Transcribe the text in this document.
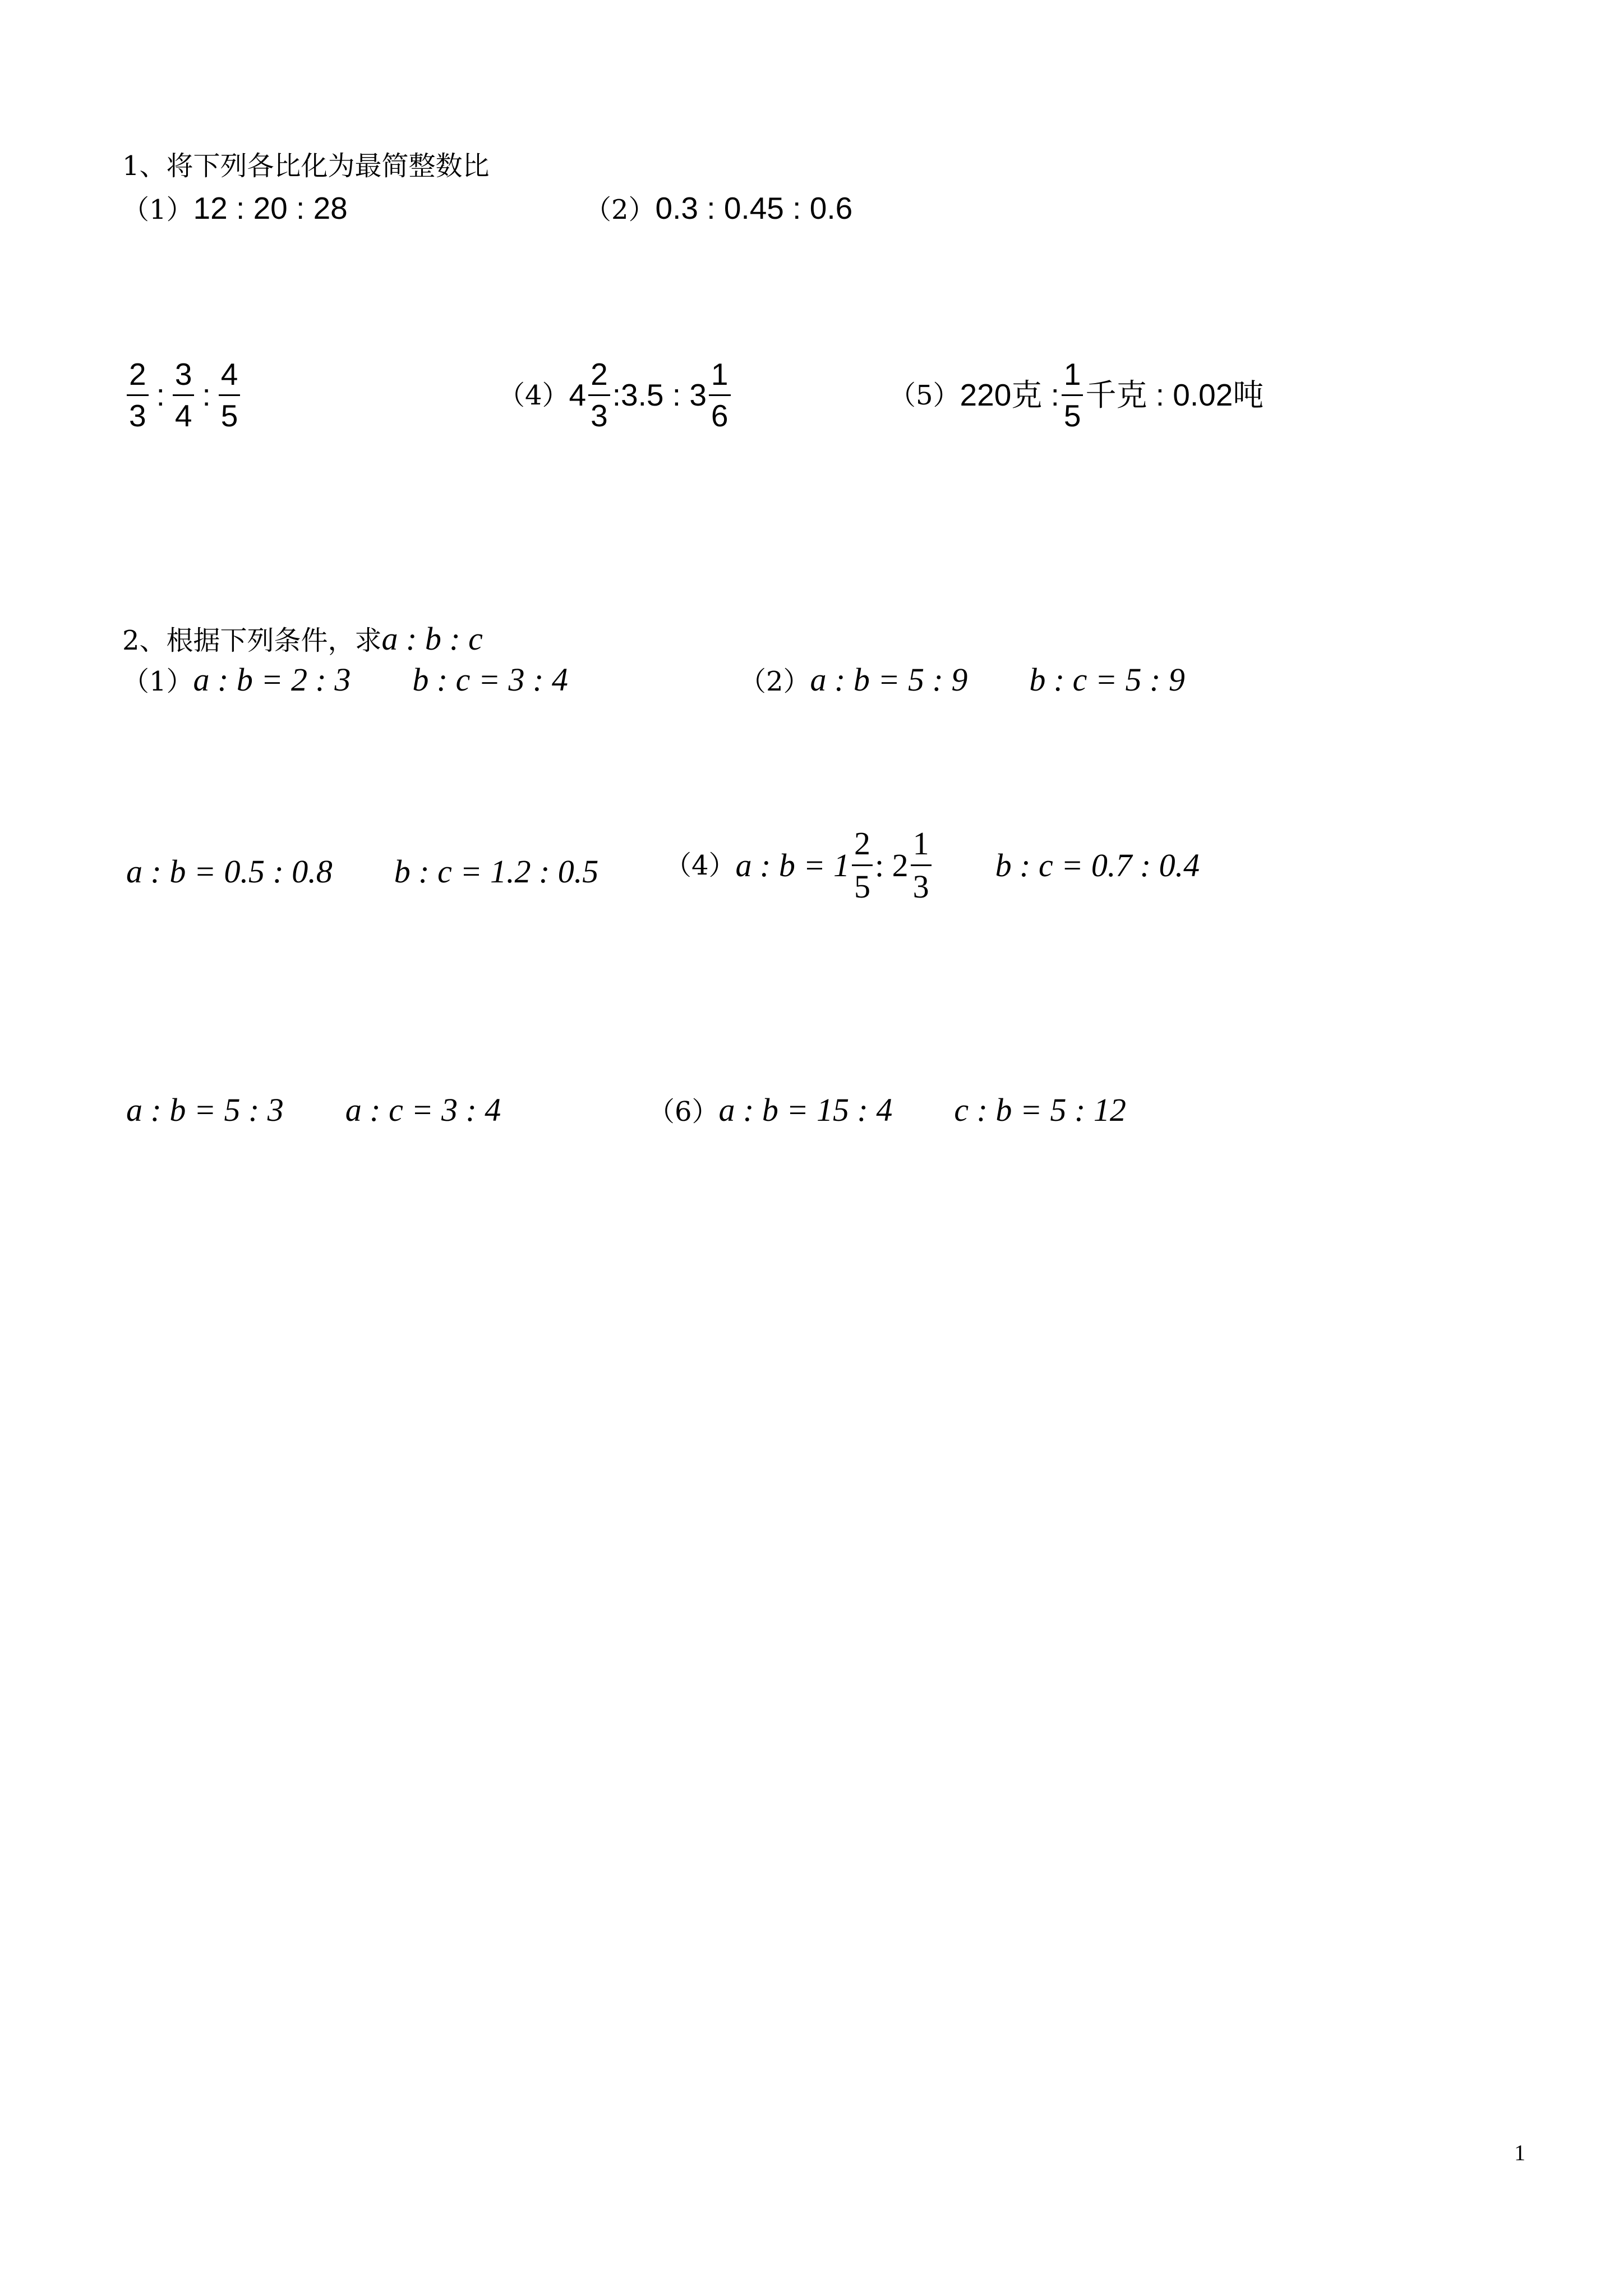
1、将下列各比化为最简整数比
（1）12 : 20 : 28	（2）0.3 : 0.45 : 0.6
$\frac{2}{3}$ : $\frac{3}{4}$ : $\frac{4}{5}$	（4） $4 \frac{2}{3}$ :3.5 : $3 \frac{1}{6}$	（5） 220克 : $\frac{1}{5}$ 千克 : 0.02吨
2、根据下列条件，求a : b : c
（1）a : b = 2 : 3 b : c = 3 : 4	（2）a : b = 5 : 9 b : c = 5 : 9
a : b = 0.5 : 0.8 b : c = 1.2 : 0.5 （4） a : $b = 1 \frac{2}{5}$ : $2 \frac{1}{3}$ b : c = 0.7 : 0.4
a : b = 5 : 3 a : c = 3 : 4	（6）a : b = 15 : 4 c : b = 5 : 12
1
